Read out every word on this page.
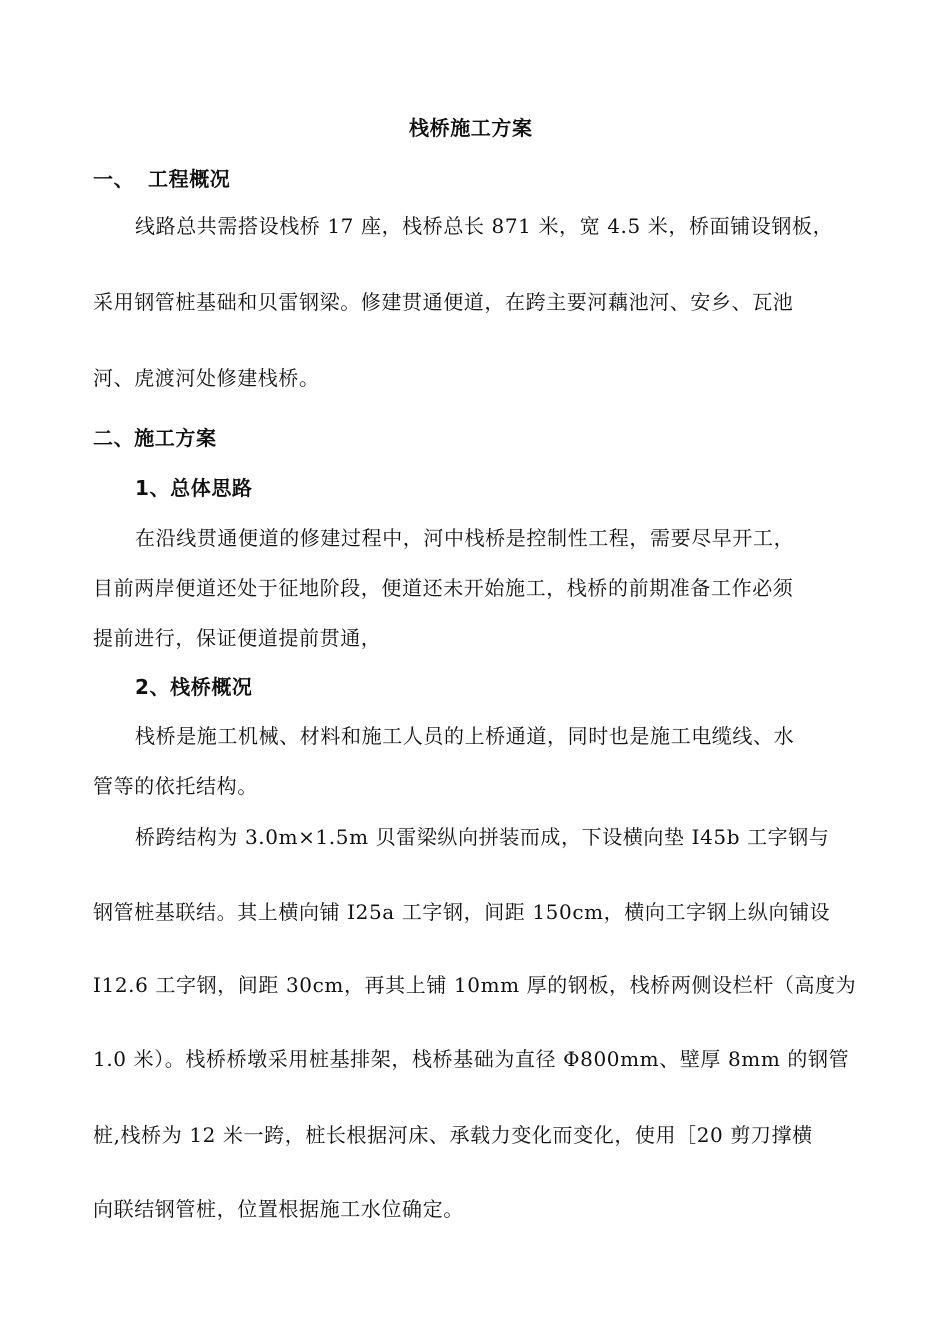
栈桥施工方案
一、 工程概况

线路总共需搭设栈桥 17 座，栈桥总长 871 米，宽 4.5 米，桥面铺设钢板，

采用钢管桩基础和贝雷钢梁。修建贯通便道，在跨主要河藕池河、安乡、瓦池

河、虎渡河处修建栈桥。

二、施工方案
1、总体思路

在沿线贯通便道的修建过程中，河中栈桥是控制性工程，需要尽早开工，

目前两岸便道还处于征地阶段，便道还未开始施工，栈桥的前期准备工作必须

提前进行，保证便道提前贯通，

2、栈桥概况

栈桥是施工机械、材料和施工人员的上桥通道，同时也是施工电缆线、水

管等的依托结构。

桥跨结构为 3.0m×1.5m 贝雷梁纵向拼装而成，下设横向垫 I45b 工字钢与

钢管桩基联结。其上横向铺 I25a 工字钢，间距 150cm，横向工字钢上纵向铺设

I12.6 工字钢，间距 30cm，再其上铺 10mm 厚的钢板，栈桥两侧设栏杆（高度为

1.0 米）。栈桥桥墩采用桩基排架，栈桥基础为直径 Φ800mm、壁厚 8mm 的钢管

桩,栈桥为 12 米一跨，桩长根据河床、承载力变化而变化，使用［20 剪刀撑横

向联结钢管桩，位置根据施工水位确定。
